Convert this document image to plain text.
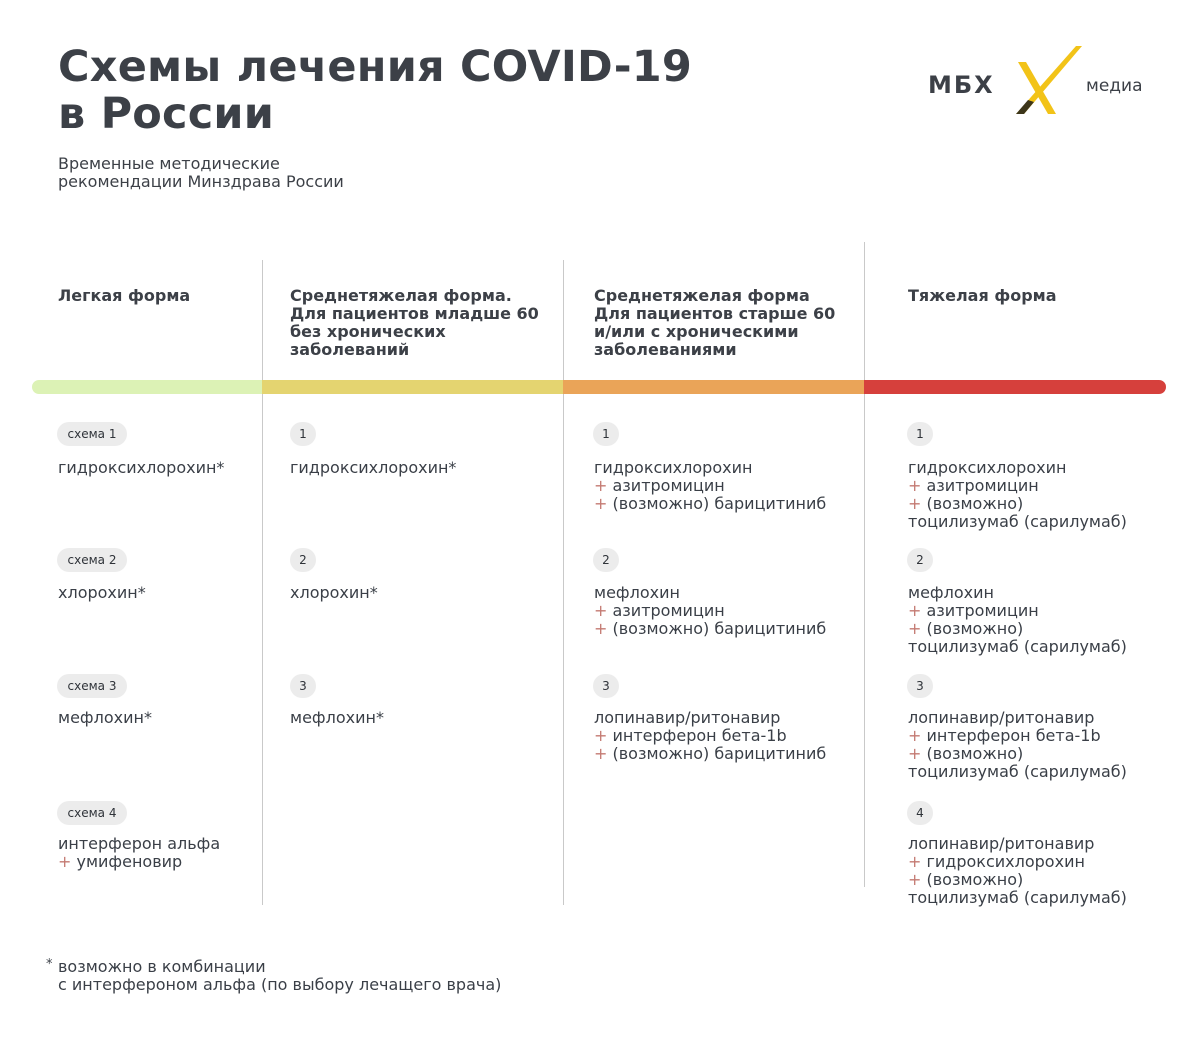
Схемы лечения COVID-19
в России
Временные методические
рекомендации Минздрава России
МБХ	медиа
Легкая форма	Среднетяжелая форма.
Для пациентов младше 60
без хронических
заболеваний
Среднетяжелая форма
Для пациентов старше 60
и/или с хроническими
заболеваниями
Тяжелая форма
схема 1
гидроксихлорохин*
схема 2
хлорохин*
схема 3
мефлохин*
схема 4
интерферон альфа
+ умифеновир
1
гидроксихлорохин*
2
хлорохин*
3
мефлохин*
1
гидроксихлорохин
+ азитромицин
+ (возможно) барицитиниб
2
мефлохин
+ азитромицин
+ (возможно) барицитиниб
3
лопинавир/ритонавир
+ интерферон бета-1b
+ (возможно) барицитиниб
1
гидроксихлорохин
+ азитромицин
+ (возможно)
тоцилизумаб (сарилумаб)
2
мефлохин
+ азитромицин
+ (возможно)
тоцилизумаб (сарилумаб)
3
лопинавир/ритонавир
+ интерферон бета-1b
+ (возможно)
тоцилизумаб (сарилумаб)
4
лопинавир/ритонавир
+ гидроксихлорохин
+ (возможно)
тоцилизумаб (сарилумаб)
* возможно в комбинации
с интерфероном альфа (по выбору лечащего врача)
